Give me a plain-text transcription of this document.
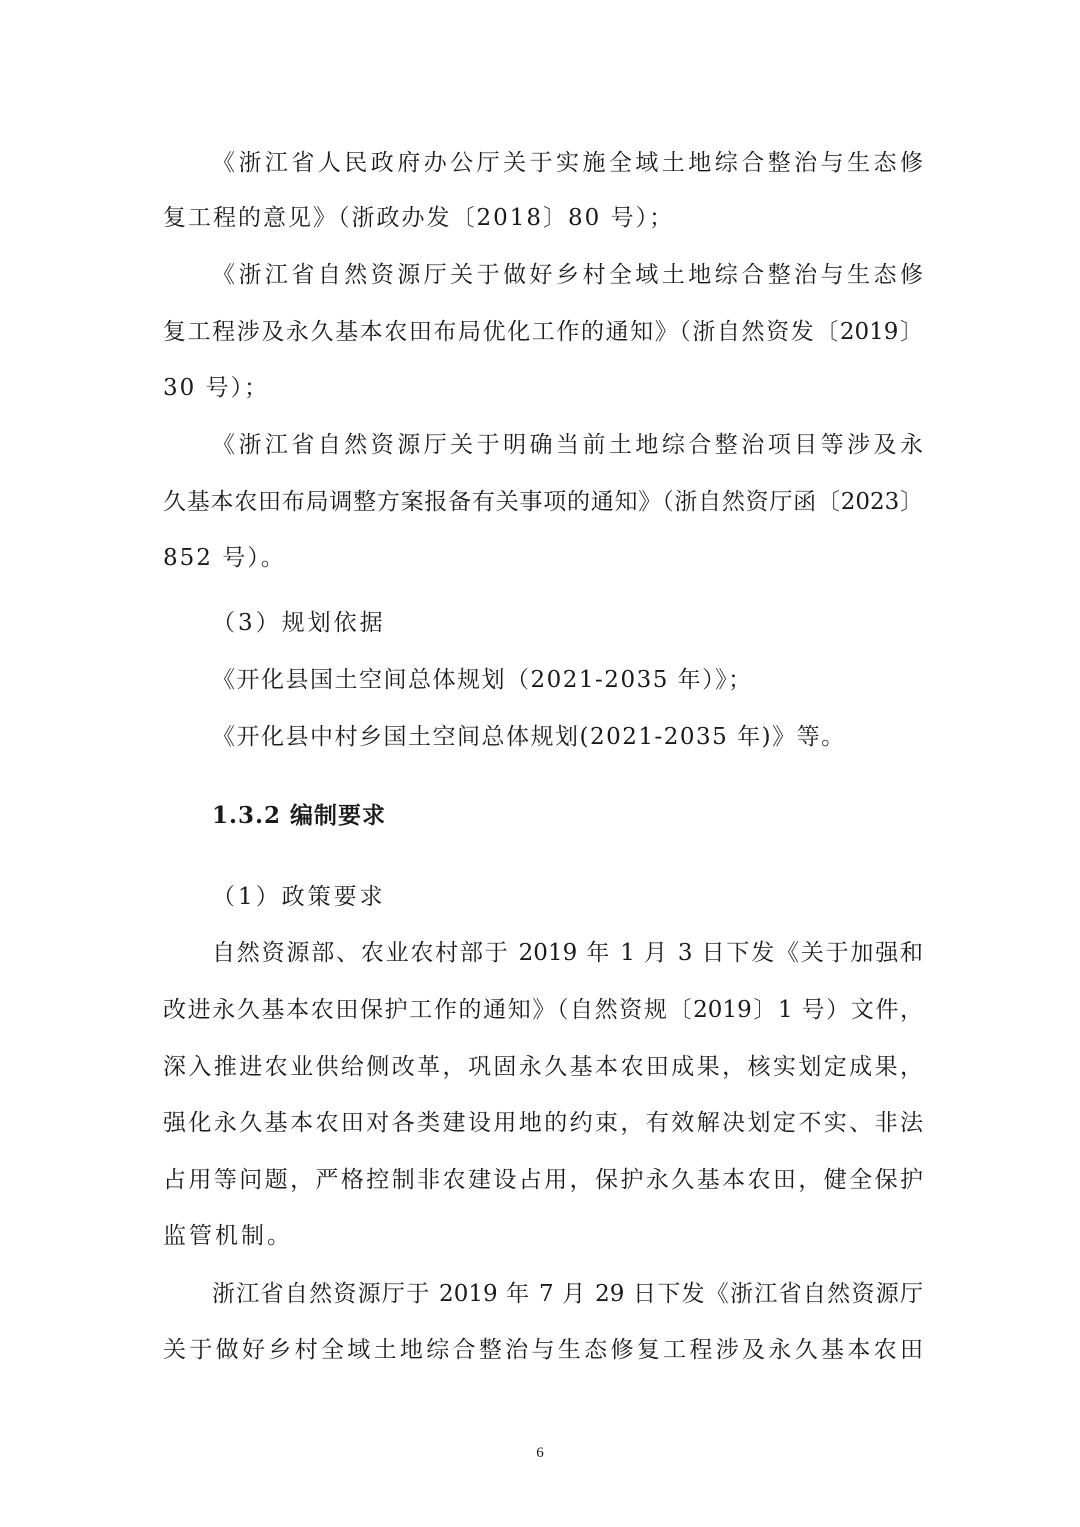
《浙江省人民政府办公厅关于实施全域土地综合整治与生态修
复工程的意见》（浙政办发〔2018〕80 号）；
《浙江省自然资源厅关于做好乡村全域土地综合整治与生态修
复工程涉及永久基本农田布局优化工作的通知》（浙自然资发〔2019〕
30 号）；
《浙江省自然资源厅关于明确当前土地综合整治项目等涉及永
久基本农田布局调整方案报备有关事项的通知》（浙自然资厅函〔2023〕
852 号）。
（3）规划依据
《开化县国土空间总体规划（2021-2035 年）》；
《开化县中村乡国土空间总体规划(2021-2035 年)》等。
1.3.2 编制要求
（1）政策要求
自然资源部、农业农村部于 2019 年 1 月 3 日下发《关于加强和
改进永久基本农田保护工作的通知》（自然资规〔2019〕1 号）文件，
深入推进农业供给侧改革，巩固永久基本农田成果，核实划定成果，
强化永久基本农田对各类建设用地的约束，有效解决划定不实、非法
占用等问题，严格控制非农建设占用，保护永久基本农田，健全保护
监管机制。
浙江省自然资源厅于 2019 年 7 月 29 日下发《浙江省自然资源厅
关于做好乡村全域土地综合整治与生态修复工程涉及永久基本农田
6
